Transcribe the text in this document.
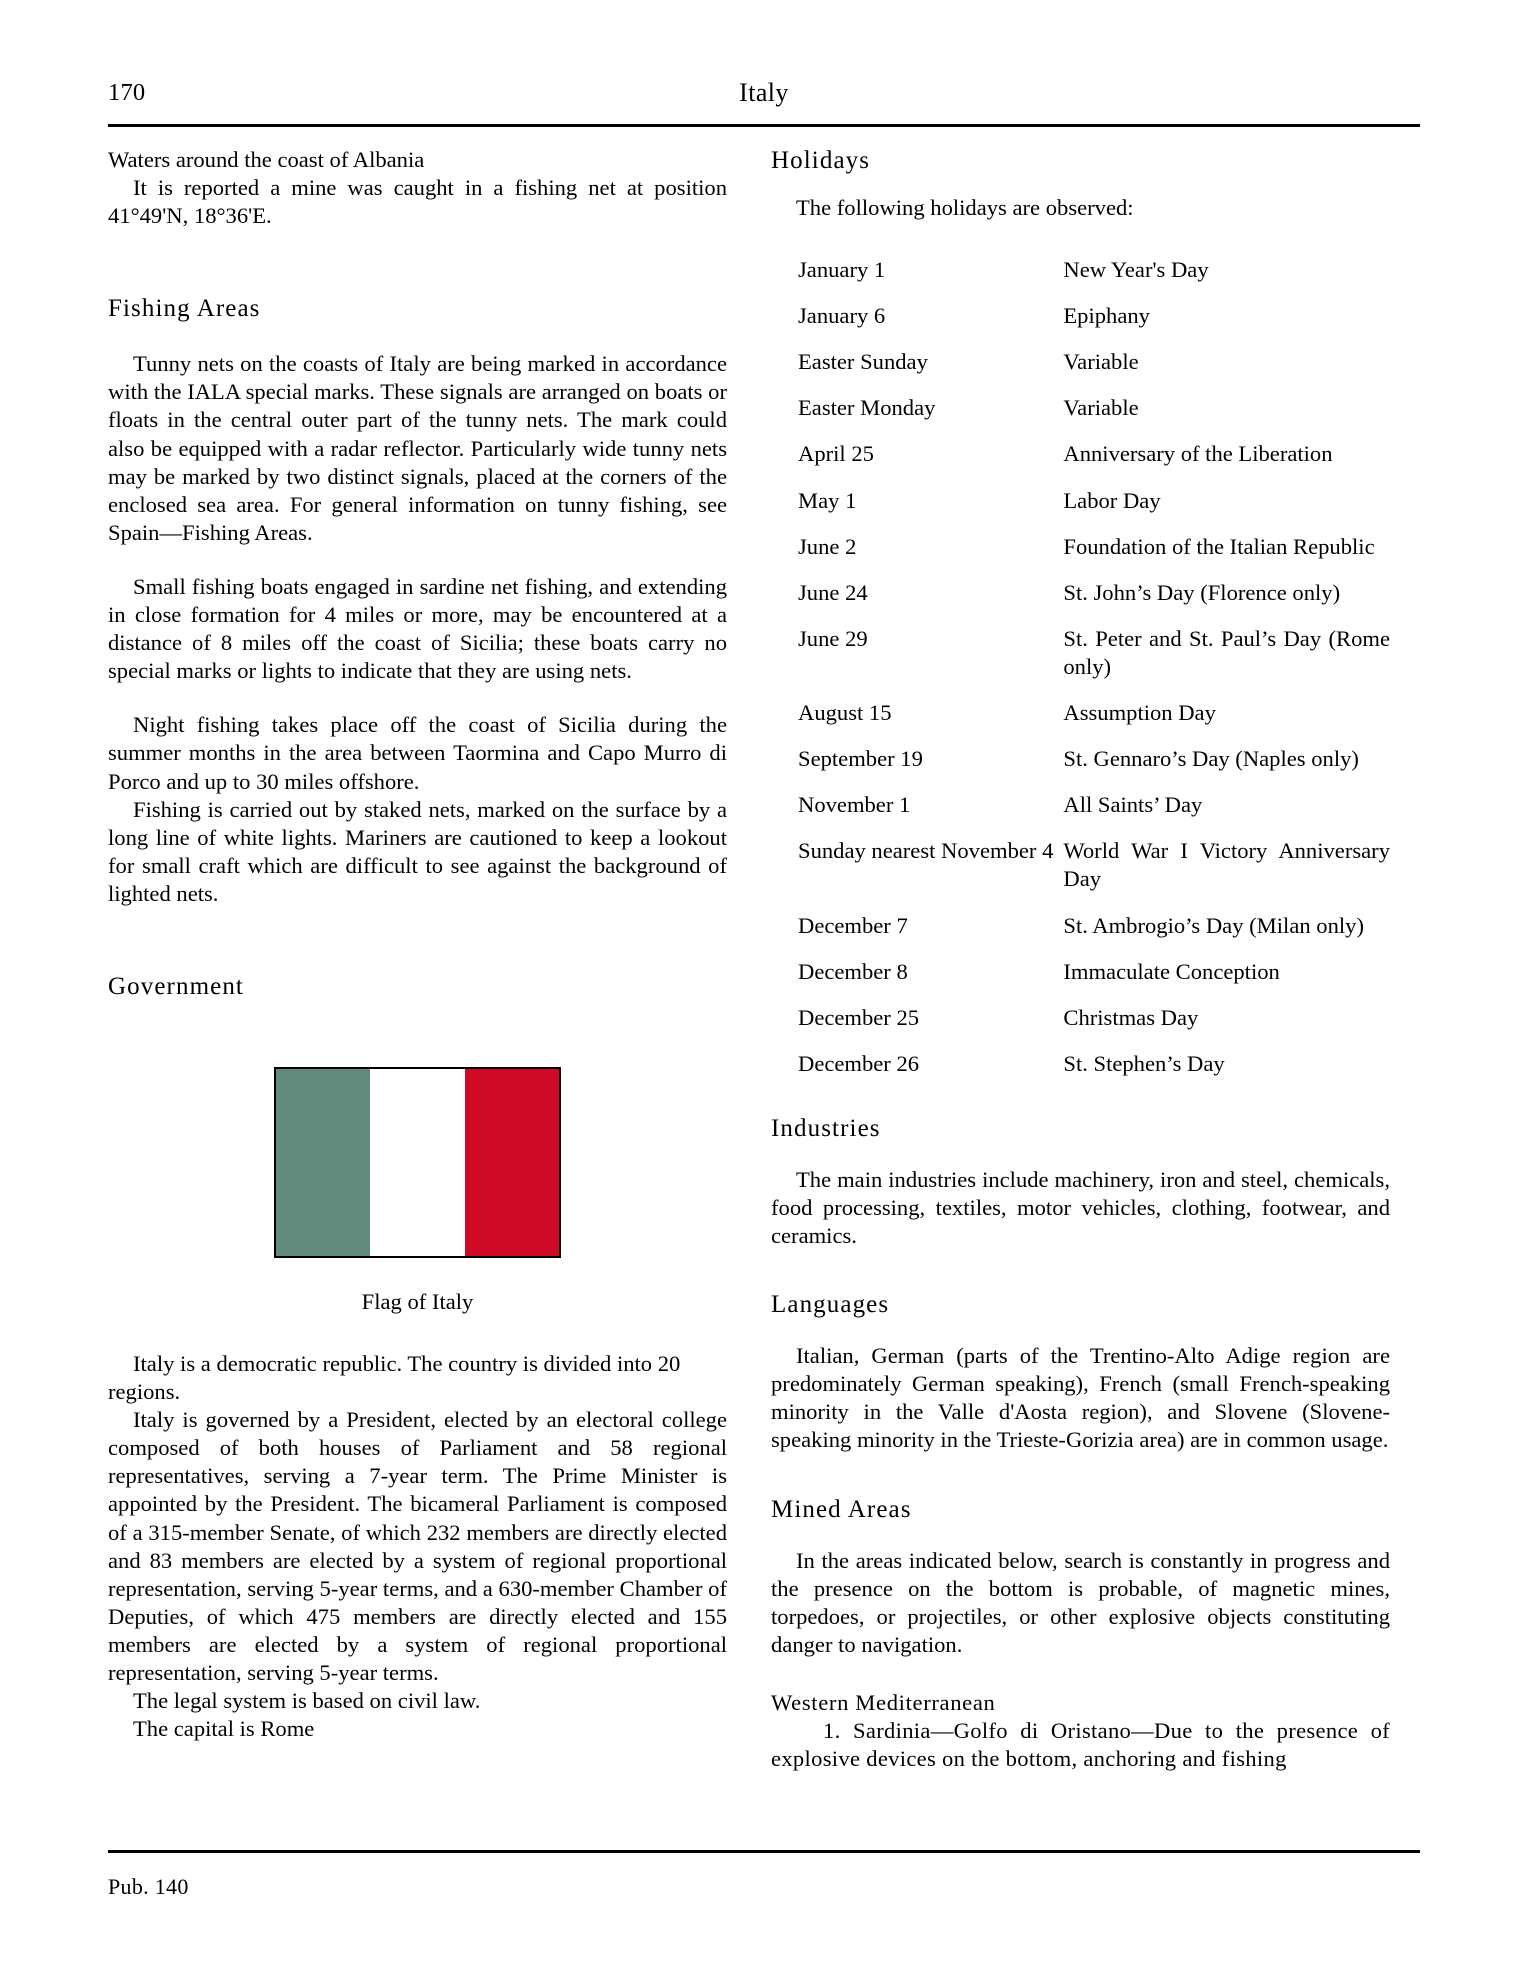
170	Italy

Waters around the coast of Albania

It is reported a mine was caught in a fishing net at position 41°49'N, 18°36'E.

Fishing Areas

Tunny nets on the coasts of Italy are being marked in accordance with the IALA special marks. These signals are arranged on boats or floats in the central outer part of the tunny nets. The mark could also be equipped with a radar reflector. Particularly wide tunny nets may be marked by two distinct signals, placed at the corners of the enclosed sea area. For general information on tunny fishing, see Spain—Fishing Areas.

Small fishing boats engaged in sardine net fishing, and extending in close formation for 4 miles or more, may be encountered at a distance of 8 miles off the coast of Sicilia; these boats carry no special marks or lights to indicate that they are using nets.

Night fishing takes place off the coast of Sicilia during the summer months in the area between Taormina and Capo Murro di Porco and up to 30 miles offshore.

Fishing is carried out by staked nets, marked on the surface by a long line of white lights. Mariners are cautioned to keep a lookout for small craft which are difficult to see against the background of lighted nets.

Government
Flag of Italy

Italy is a democratic republic. The country is divided into 20 regions.

Italy is governed by a President, elected by an electoral college composed of both houses of Parliament and 58 regional representatives, serving a 7-year term. The Prime Minister is appointed by the President. The bicameral Parliament is composed of a 315-member Senate, of which 232 members are directly elected and 83 members are elected by a system of regional proportional representation, serving 5-year terms, and a 630-member Chamber of Deputies, of which 475 members are directly elected and 155 members are elected by a system of regional proportional representation, serving 5-year terms.

The legal system is based on civil law.

The capital is Rome

Holidays

The following holidays are observed:

January 1	New Year's Day
January 6	Epiphany
Easter Sunday	Variable
Easter Monday	Variable
April 25	Anniversary of the Liberation
May 1	Labor Day
June 2	Foundation of the Italian Republic
June 24	St. John’s Day (Florence only)
June 29	St. Peter and St. Paul’s Day (Rome only)
August 15	Assumption Day
September 19	St. Gennaro’s Day (Naples only)
November 1	All Saints’ Day
Sunday nearest November 4	World War I Victory Anniversary Day
December 7	St. Ambrogio’s Day (Milan only)
December 8	Immaculate Conception
December 25	Christmas Day
December 26	St. Stephen’s Day
Industries

The main industries include machinery, iron and steel, chemicals, food processing, textiles, motor vehicles, clothing, footwear, and ceramics.

Languages

Italian, German (parts of the Trentino-Alto Adige region are predominately German speaking), French (small French-speaking minority in the Valle d'Aosta region), and Slovene (Slovene-speaking minority in the Trieste-Gorizia area) are in common usage.

Mined Areas

In the areas indicated below, search is constantly in progress and the presence on the bottom is probable, of magnetic mines, torpedoes, or projectiles, or other explosive objects constituting danger to navigation.

Western Mediterranean
1. Sardinia—Golfo di Oristano—Due to the presence of explosive devices on the bottom, anchoring and fishing
Pub. 140
